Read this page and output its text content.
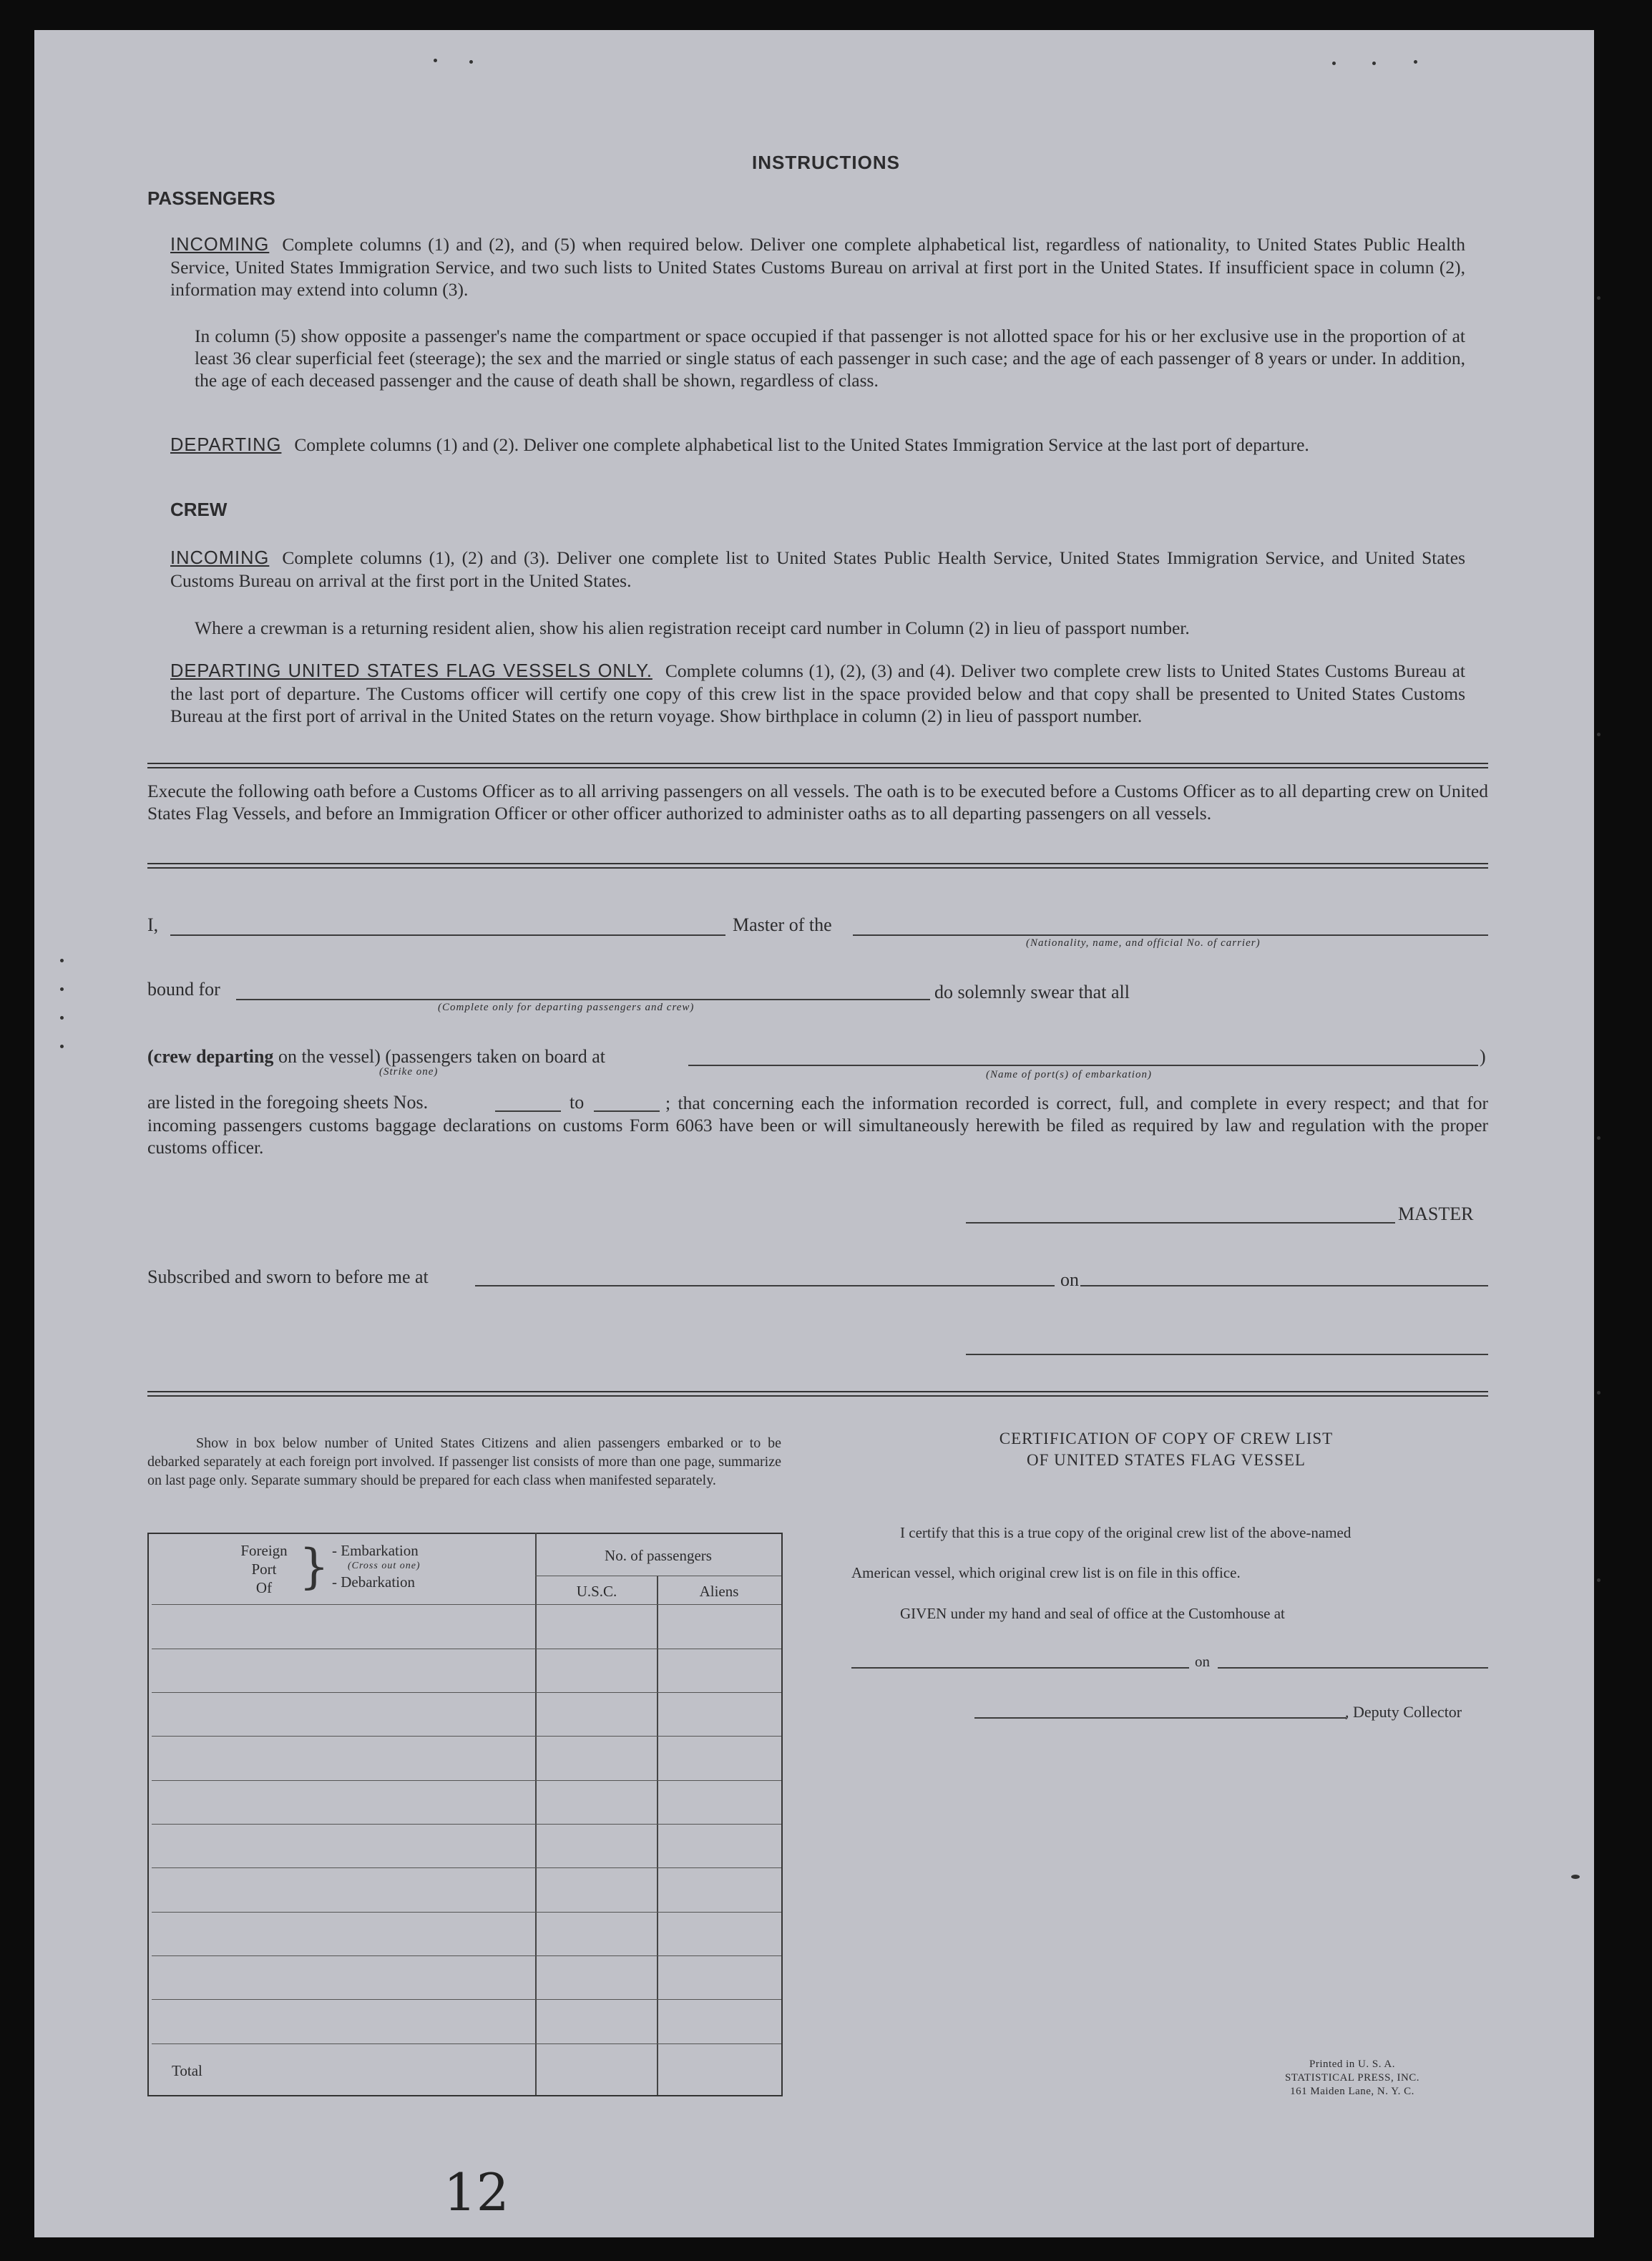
INSTRUCTIONS
PASSENGERS
INCOMING Complete columns (1) and (2), and (5) when required below. Deliver one complete alphabetical list, regardless of nationality, to United States Public Health Service, United States Immigration Service, and two such lists to United States Customs Bureau on arrival at first port in the United States. If insufficient space in column (2), information may extend into column (3).
In column (5) show opposite a passenger's name the compartment or space occupied if that passenger is not allotted space for his or her exclusive use in the proportion of at least 36 clear superficial feet (steerage); the sex and the married or single status of each passenger in such case; and the age of each passenger of 8 years or under. In addition, the age of each deceased passenger and the cause of death shall be shown, regardless of class.
DEPARTING Complete columns (1) and (2). Deliver one complete alphabetical list to the United States Immigration Service at the last port of departure.
CREW
INCOMING Complete columns (1), (2) and (3). Deliver one complete list to United States Public Health Service, United States Immigration Service, and United States Customs Bureau on arrival at the first port in the United States.
Where a crewman is a returning resident alien, show his alien registration receipt card number in Column (2) in lieu of passport number.
DEPARTING UNITED STATES FLAG VESSELS ONLY. Complete columns (1), (2), (3) and (4). Deliver two complete crew lists to United States Customs Bureau at the last port of departure. The Customs officer will certify one copy of this crew list in the space provided below and that copy shall be presented to United States Customs Bureau at the first port of arrival in the United States on the return voyage. Show birthplace in column (2) in lieu of passport number.
Execute the following oath before a Customs Officer as to all arriving passengers on all vessels. The oath is to be executed before a Customs Officer as to all departing crew on United States Flag Vessels, and before an Immigration Officer or other officer authorized to administer oaths as to all departing passengers on all vessels.
I,	Master of the
(Nationality, name, and official No. of carrier)
bound for
(Complete only for departing passengers and crew)
do solemnly swear that all
(crew departing on the vessel) (passengers taken on board at	)
(Strike one)	(Name of port(s) of embarkation)
are listed in the foregoing sheets Nos.	to	; that concerning each the information recorded is correct, full, and complete in every respect; and that for incoming passengers customs baggage declarations on customs Form 6063 have been or will simultaneously herewith be filed as required by law and regulation with the proper customs officer.
MASTER
Subscribed and sworn to before me at	on
Show in box below number of United States Citizens and alien passengers embarked or to be debarked separately at each foreign port involved. If passenger list consists of more than one page, summarize on last page only. Separate summary should be prepared for each class when manifested separately.
Foreign
Port
Of } - Embarkation
(Cross out one)
- Debarkation
No. of passengers
U.S.C.	Aliens
Total
CERTIFICATION OF COPY OF CREW LIST
OF UNITED STATES FLAG VESSEL
I certify that this is a true copy of the original crew list of the above-named
American vessel, which original crew list is on file in this office.
GIVEN under my hand and seal of office at the Customhouse at
on
, Deputy Collector
Printed in U. S. A.
STATISTICAL PRESS, INC.
161 Maiden Lane, N. Y. C.
12
